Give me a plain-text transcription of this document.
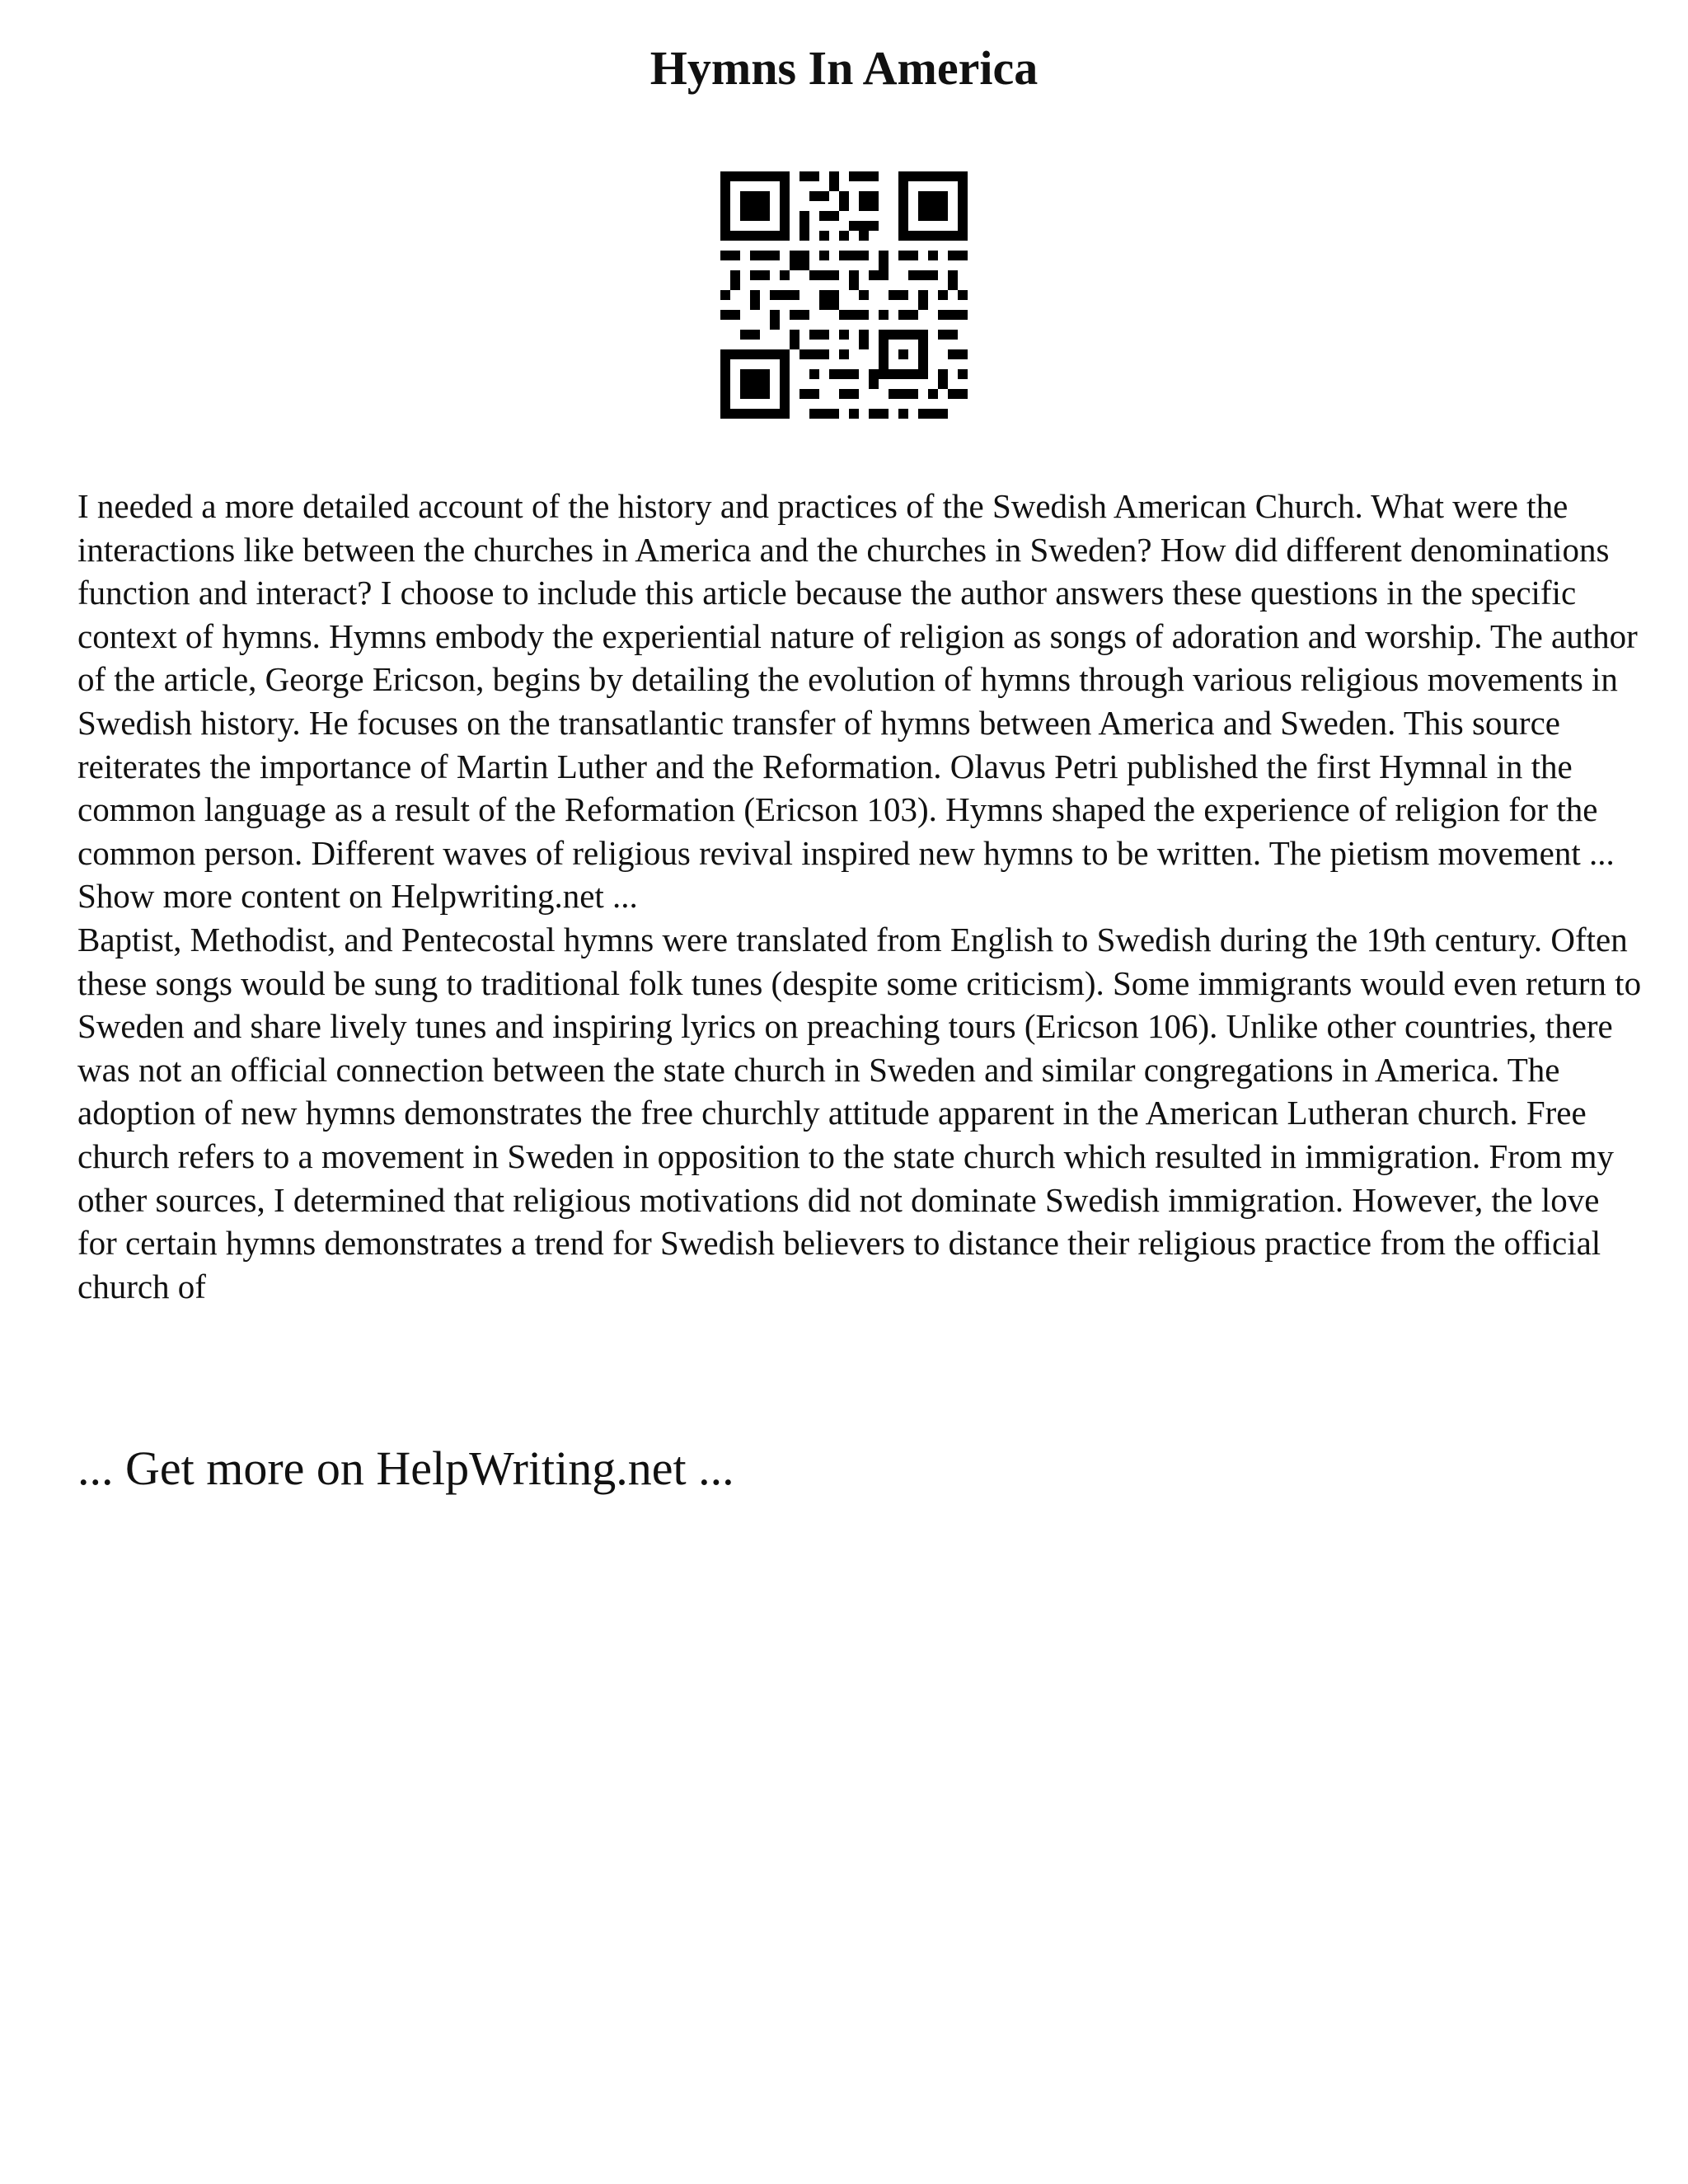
Hymns In America

I needed a more detailed account of the history and practices of the Swedish American Church. What were the interactions like between the churches in America and the churches in Sweden? How did different denominations function and interact? I choose to include this article because the author answers these questions in the specific context of hymns. Hymns embody the experiential nature of religion as songs of adoration and worship. The author of the article, George Ericson, begins by detailing the evolution of hymns through various religious movements in Swedish history. He focuses on the transatlantic transfer of hymns between America and Sweden. This source reiterates the importance of Martin Luther and the Reformation. Olavus Petri published the first Hymnal in the common language as a result of the Reformation (Ericson 103). Hymns shaped the experience of religion for the common person. Different waves of religious revival inspired new hymns to be written. The pietism movement ... Show more content on Helpwriting.net ...

Baptist, Methodist, and Pentecostal hymns were translated from English to Swedish during the 19th century. Often these songs would be sung to traditional folk tunes (despite some criticism). Some immigrants would even return to Sweden and share lively tunes and inspiring lyrics on preaching tours (Ericson 106). Unlike other countries, there was not an official connection between the state church in Sweden and similar congregations in America. The adoption of new hymns demonstrates the free churchly attitude apparent in the American Lutheran church. Free church refers to a movement in Sweden in opposition to the state church which resulted in immigration. From my other sources, I determined that religious motivations did not dominate Swedish immigration. However, the love for certain hymns demonstrates a trend for Swedish believers to distance their religious practice from the official church of

... Get more on HelpWriting.net ...
